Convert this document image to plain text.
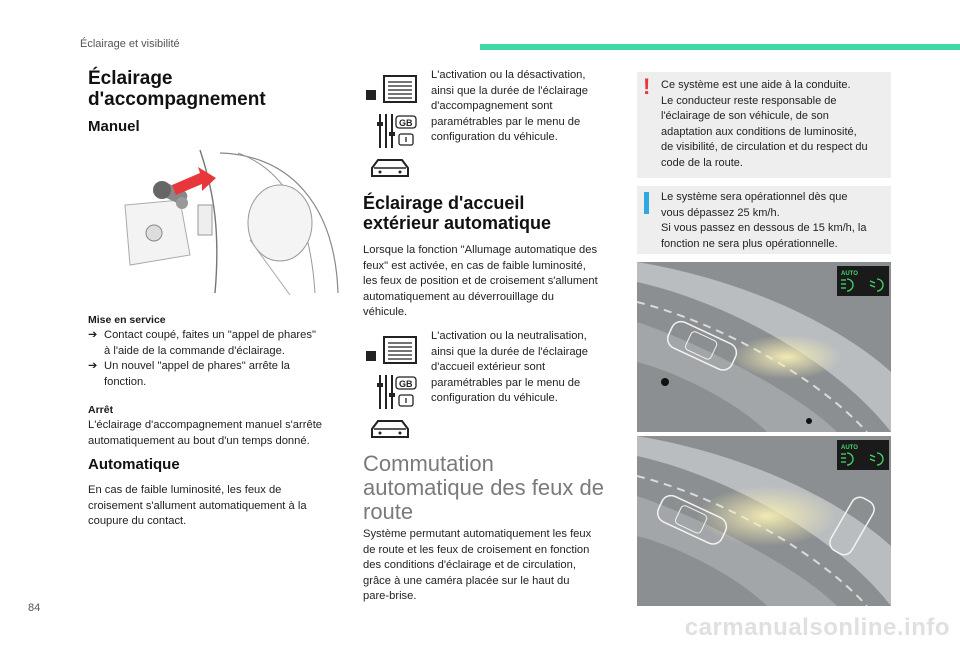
Éclairage et visibilité
Éclairage
d'accompagnement
Manuel
Mise en service
➔ Contact coupé, faites un "appel de phares"
à l'aide de la commande d'éclairage.
➔ Un nouvel "appel de phares" arrête la
fonction.
Arrêt
L'éclairage d'accompagnement manuel s'arrête
automatiquement au bout d'un temps donné.
Automatique
En cas de faible luminosité, les feux de
croisement s'allument automatiquement à la
coupure du contact.
GB
L'activation ou la désactivation,
ainsi que la durée de l'éclairage
d'accompagnement sont
paramétrables par le menu de
configuration du véhicule.
Éclairage d'accueil
extérieur automatique
Lorsque la fonction "Allumage automatique des
feux" est activée, en cas de faible luminosité,
les feux de position et de croisement s'allument
automatiquement au déverrouillage du
véhicule.
GB
L'activation ou la neutralisation,
ainsi que la durée de l'éclairage
d'accueil extérieur sont
paramétrables par le menu de
configuration du véhicule.
Commutation
automatique des feux de
route
Système permutant automatiquement les feux
de route et les feux de croisement en fonction
des conditions d'éclairage et de circulation,
grâce à une caméra placée sur le haut du
pare-brise.
! Ce système est une aide à la conduite.
Le conducteur reste responsable de
l'éclairage de son véhicule, de son
adaptation aux conditions de luminosité,
de visibilité, de circulation et du respect du
code de la route.
Le système sera opérationnel dès que
vous dépassez 25 km/h.
Si vous passez en dessous de 15 km/h, la
fonction ne sera plus opérationnelle.
AUTO
AUTO
84
carmanualsonline.info
